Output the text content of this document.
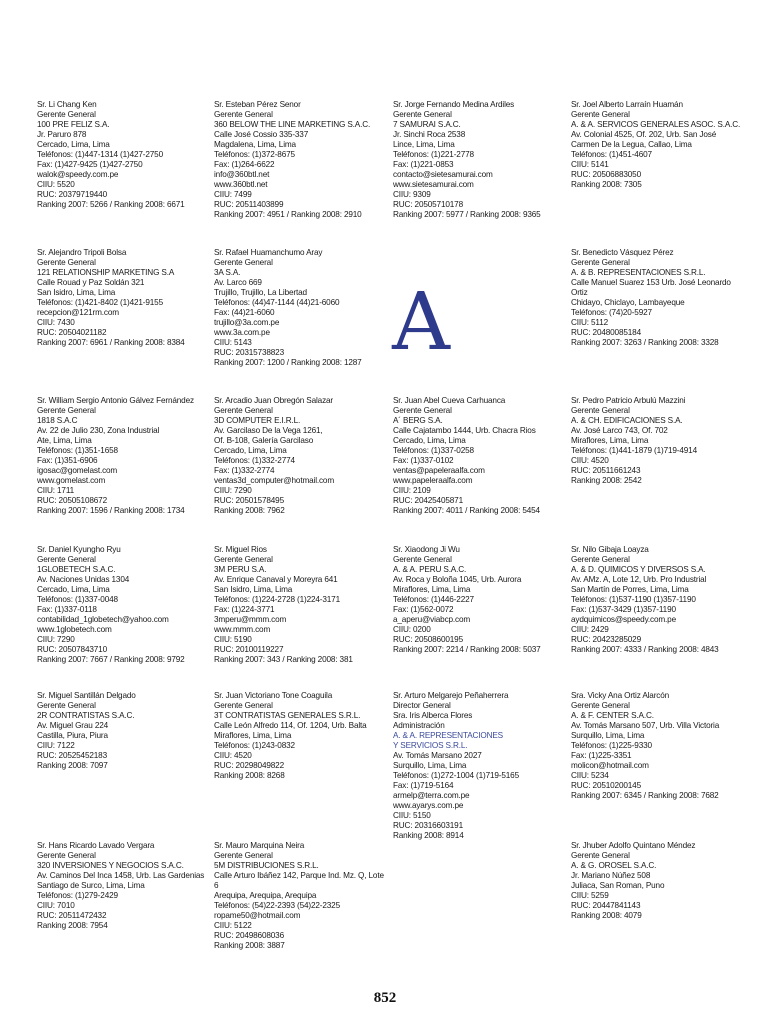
A
852
Sr. Li Chang Ken
Gerente General
100 PRE FELIZ S.A.
Jr. Paruro 878
Cercado, Lima, Lima
Teléfonos: (1)447-1314 (1)427-2750
Fax: (1)427-9425 (1)427-2750
walok@speedy.com.pe
CIIU: 5520
RUC: 20379719440
Ranking 2007: 5266 / Ranking 2008: 6671
Sr. Esteban Pérez Senor
Gerente General
360 BELOW THE LINE MARKETING S.A.C.
Calle José Cossio 335-337
Magdalena, Lima, Lima
Teléfonos: (1)372-8675
Fax: (1)264-6622
info@360btl.net
www.360btl.net
CIIU: 7499
RUC: 20511403899
Ranking 2007: 4951 / Ranking 2008: 2910
Sr. Jorge Fernando Medina Ardiles
Gerente General
7 SAMURAI S.A.C.
Jr. Sinchi Roca 2538
Lince, Lima, Lima
Teléfonos: (1)221-2778
Fax: (1)221-0853
contacto@sietesamurai.com
www.sietesamurai.com
CIIU: 9309
RUC: 20505710178
Ranking 2007: 5977 / Ranking 2008: 9365
Sr. Joel Alberto Larraín Huamán
Gerente General
A. & A. SERVICOS GENERALES ASOC. S.A.C.
Av. Colonial 4525, Of. 202, Urb. San José
Carmen De la Legua, Callao, Lima
Teléfonos: (1)451-4607
CIIU: 5141
RUC: 20506883050
Ranking 2008: 7305
Sr. Alejandro Tripoli Bolsa
Gerente General
121 RELATIONSHIP MARKETING S.A
Calle Rouad y Paz Soldán 321
San Isidro, Lima, Lima
Teléfonos: (1)421-8402 (1)421-9155
recepcion@121rm.com
CIIU: 7430
RUC: 20504021182
Ranking 2007: 6961 / Ranking 2008: 8384
Sr. Rafael Huamanchumo Aray
Gerente General
3A S.A.
Av. Larco 669
Trujillo, Trujillo, La Libertad
Teléfonos: (44)47-1144 (44)21-6060
Fax: (44)21-6060
trujillo@3a.com.pe
www.3a.com.pe
CIIU: 5143
RUC: 20315738823
Ranking 2007: 1200 / Ranking 2008: 1287
Sr. Benedicto Vásquez Pérez
Gerente General
A. & B. REPRESENTACIONES S.R.L.
Calle Manuel Suarez 153 Urb. José Leonardo Ortiz
Chidayo, Chiclayo, Lambayeque
Teléfonos: (74)20-5927
CIIU: 5112
RUC: 20480085184
Ranking 2007: 3263 / Ranking 2008: 3328
Sr. William Sergio Antonio Gálvez Fernández
Gerente General
1818 S.A.C
Av. 22 de Julio 230, Zona Industrial
Ate, Lima, Lima
Teléfonos: (1)351-1658
Fax: (1)351-6906
igosac@gomelast.com
www.gomelast.com
CIIU: 1711
RUC: 20505108672
Ranking 2007: 1596 / Ranking 2008: 1734
Sr. Arcadio Juan Obregón Salazar
Gerente General
3D COMPUTER E.I.R.L.
Av. Garcilaso De la Vega 1261,
Of. B-108, Galería Garcilaso
Cercado, Lima, Lima
Teléfonos: (1)332-2774
Fax: (1)332-2774
ventas3d_computer@hotmail.com
CIIU: 7290
RUC: 20501578495
Ranking 2008: 7962
Sr. Juan Abel Cueva Carhuanca
Gerente General
A´ BERG S.A.
Calle Cajatambo 1444, Urb. Chacra Rios
Cercado, Lima, Lima
Teléfonos: (1)337-0258
Fax: (1)337-0102
ventas@papeleraalfa.com
www.papeleraalfa.com
CIIU: 2109
RUC: 20425405871
Ranking 2007: 4011 / Ranking 2008: 5454
Sr. Pedro Patricio Arbulú Mazzini
Gerente General
A. & CH. EDIFICACIONES S.A.
Av. José Larco 743, Of. 702
Miraflores, Lima, Lima
Teléfonos: (1)441-1879 (1)719-4914
CIIU: 4520
RUC: 20511661243
Ranking 2008: 2542
Sr. Daniel Kyungho Ryu
Gerente General
1GLOBETECH S.A.C.
Av. Naciones Unidas 1304
Cercado, Lima, Lima
Teléfonos: (1)337-0048
Fax: (1)337-0118
contabilidad_1globetech@yahoo.com
www.1globetech.com
CIIU: 7290
RUC: 20507843710
Ranking 2007: 7667 / Ranking 2008: 9792
Sr. Miguel Rios
Gerente General
3M PERU S.A.
Av. Enrique Canaval y Moreyra 641
San Isidro, Lima, Lima
Teléfonos: (1)224-2728 (1)224-3171
Fax: (1)224-3771
3mperu@mmm.com
www.mmm.com
CIIU: 5190
RUC: 20100119227
Ranking 2007: 343 / Ranking 2008: 381
Sr. Xiaodong Ji Wu
Gerente General
A. & A. PERU S.A.C.
Av. Roca y Boloña 1045, Urb. Aurora
Miraflores, Lima, Lima
Teléfonos: (1)446-2227
Fax: (1)562-0072
a_aperu@viabcp.com
CIIU: 0200
RUC: 20508600195
Ranking 2007: 2214 / Ranking 2008: 5037
Sr. Nilo Gibaja Loayza
Gerente General
A. & D. QUIMICOS Y DIVERSOS S.A.
Av. AMz. A, Lote 12, Urb. Pro Industrial
San Martín de Porres, Lima, Lima
Teléfonos: (1)537-1190 (1)357-1190
Fax: (1)537-3429 (1)357-1190
aydquimicos@speedy.com.pe
CIIU: 2429
RUC: 20423285029
Ranking 2007: 4333 / Ranking 2008: 4843
Sr. Miguel Santillán Delgado
Gerente General
2R CONTRATISTAS S.A.C.
Av. Miguel Grau 224
Castilla, Piura, Piura
CIIU: 7122
RUC: 20525452183
Ranking 2008: 7097
Sr. Juan Victoriano Tone Coaguila
Gerente General
3T CONTRATISTAS GENERALES S.R.L.
Calle León Alfredo 114, Of. 1204, Urb. Balta
Miraflores, Lima, Lima
Teléfonos: (1)243-0832
CIIU: 4520
RUC: 20298049822
Ranking 2008: 8268
Sr. Arturo Melgarejo Peñaherrera
Director General
Sra. Iris Alberca Flores
Administración
A. & A. REPRESENTACIONES
Y SERVICIOS S.R.L.
Av. Tomás Marsano 2027
Surquillo, Lima, Lima
Teléfonos: (1)272-1004 (1)719-5165
Fax: (1)719-5164
armelp@terra.com.pe
www.ayarys.com.pe
CIIU: 5150
RUC: 20316603191
Ranking 2008: 8914
Sra. Vicky Ana Ortiz Alarcón
Gerente General
A. & F. CENTER S.A.C.
Av. Tomás Marsano 507, Urb. Villa Victoria
Surquillo, Lima, Lima
Teléfonos: (1)225-9330
Fax: (1)225-3351
molicon@hotmail.com
CIIU: 5234
RUC: 20510200145
Ranking 2007: 6345 / Ranking 2008: 7682
Sr. Hans Ricardo Lavado Vergara
Gerente General
320 INVERSIONES Y NEGOCIOS S.A.C.
Av. Caminos Del Inca 1458, Urb. Las Gardenias
Santiago de Surco, Lima, Lima
Teléfonos: (1)279-2429
CIIU: 7010
RUC: 20511472432
Ranking 2008: 7954
Sr. Mauro Marquina Neira
Gerente General
5M DISTRIBUCIONES S.R.L.
Calle Arturo Ibáñez 142, Parque Ind. Mz. Q, Lote 6
Arequipa, Arequipa, Arequipa
Teléfonos: (54)22-2393 (54)22-2325
ropame50@hotmail.com
CIIU: 5122
RUC: 20498608036
Ranking 2008: 3887
Sr. Jhuber Adolfo Quintano Méndez
Gerente General
A. & G. OROSEL S.A.C.
Jr. Mariano Núñez 508
Juliaca, San Roman, Puno
CIIU: 5259
RUC: 20447841143
Ranking 2008: 4079
